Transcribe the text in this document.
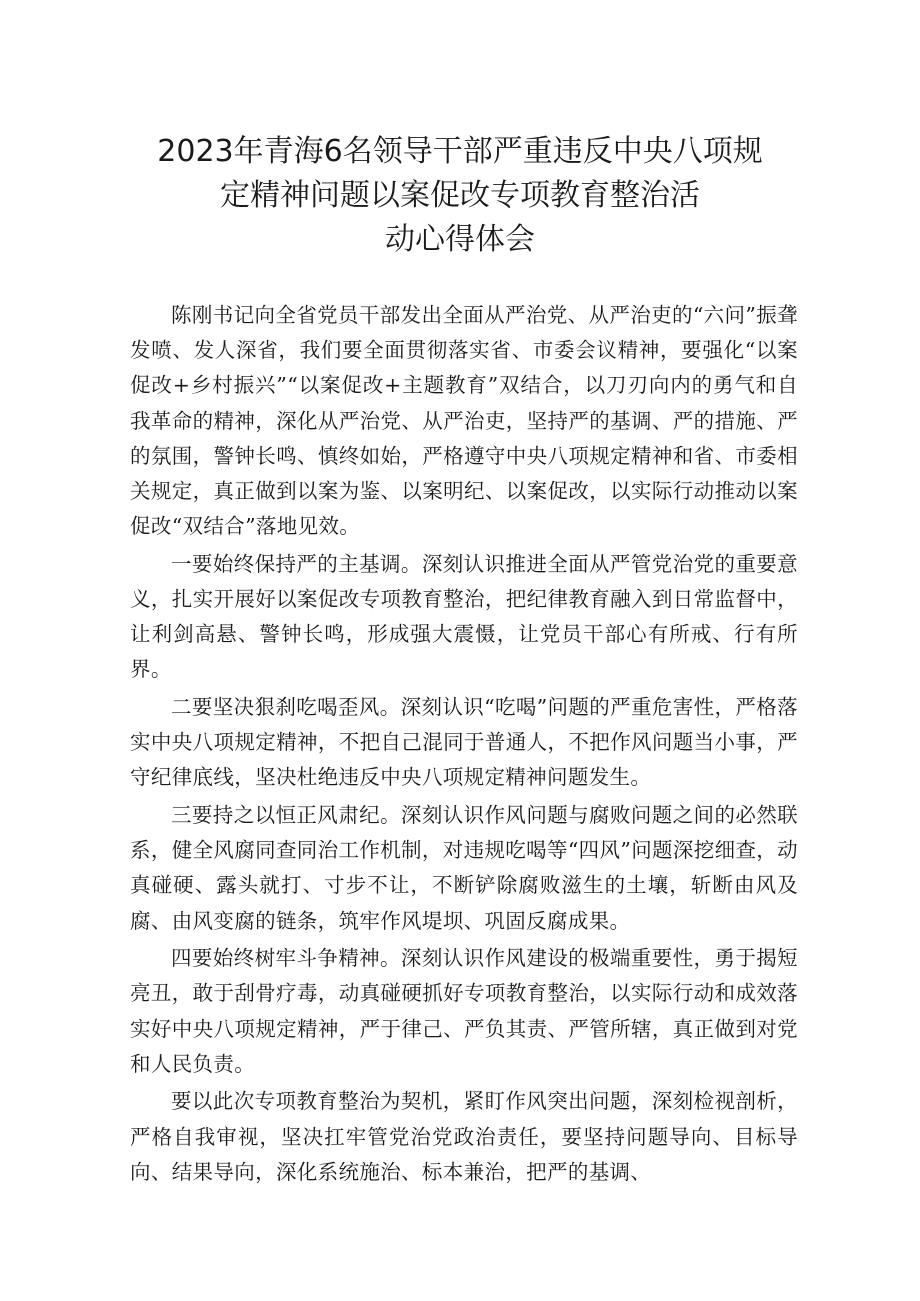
2023年青海6名领导干部严重违反中央八项规
定精神问题以案促改专项教育整治活
动心得体会

陈刚书记向全省党员干部发出全面从严治党、从严治吏的“六问”振聋发喷、发人深省，我们要全面贯彻落实省、市委会议精神，要强化“以案促改+乡村振兴”“以案促改+主题教育”双结合，以刀刃向内的勇气和自我革命的精神，深化从严治党、从严治吏，坚持严的基调、严的措施、严的氛围，警钟长鸣、慎终如始，严格遵守中央八项规定精神和省、市委相关规定，真正做到以案为鉴、以案明纪、以案促改，以实际行动推动以案促改“双结合”落地见效。

一要始终保持严的主基调。深刻认识推进全面从严管党治党的重要意义，扎实开展好以案促改专项教育整治，把纪律教育融入到日常监督中，让利剑高悬、警钟长鸣，形成强大震慑，让党员干部心有所戒、行有所界。

二要坚决狠刹吃喝歪风。深刻认识“吃喝”问题的严重危害性，严格落实中央八项规定精神，不把自己混同于普通人，不把作风问题当小事，严守纪律底线，坚决杜绝违反中央八项规定精神问题发生。

三要持之以恒正风肃纪。深刻认识作风问题与腐败问题之间的必然联系，健全风腐同查同治工作机制，对违规吃喝等“四风”问题深挖细查，动真碰硬、露头就打、寸步不让，不断铲除腐败滋生的土壤，斩断由风及腐、由风变腐的链条，筑牢作风堤坝、巩固反腐成果。

四要始终树牢斗争精神。深刻认识作风建设的极端重要性，勇于揭短亮丑，敢于刮骨疗毒，动真碰硬抓好专项教育整治，以实际行动和成效落实好中央八项规定精神，严于律己、严负其责、严管所辖，真正做到对党和人民负责。

要以此次专项教育整治为契机，紧盯作风突出问题，深刻检视剖析，严格自我审视，坚决扛牢管党治党政治责任，要坚持问题导向、目标导向、结果导向，深化系统施治、标本兼治，把严的基调、
